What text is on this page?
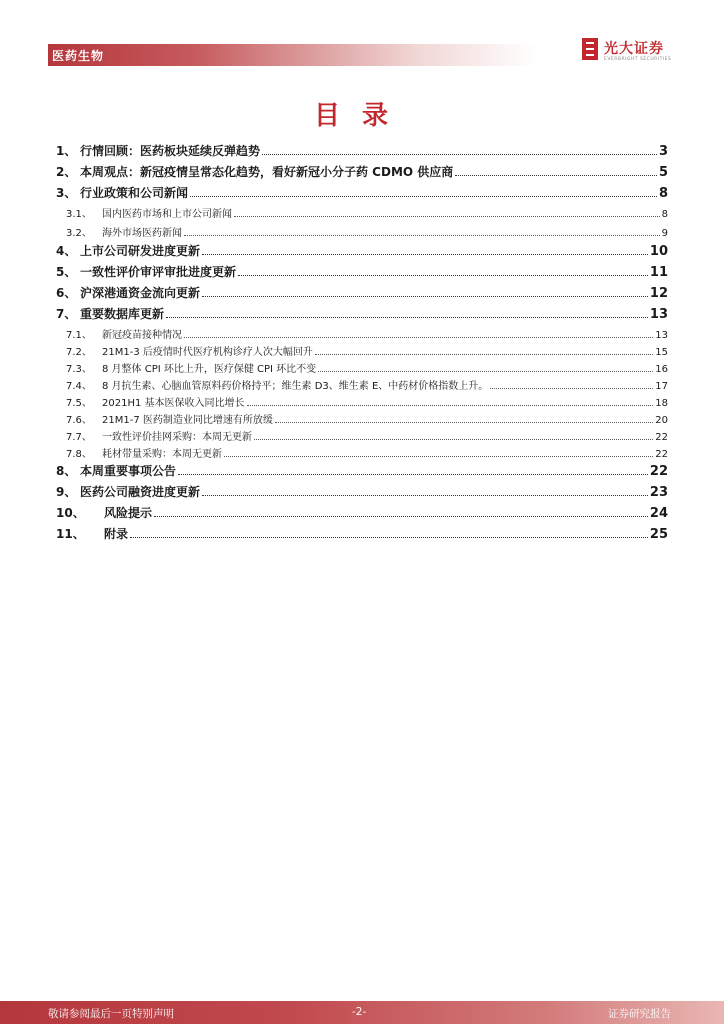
医药生物	光大证券
EVERBRIGHT SECURITIES
目录
1、 行情回顾：医药板块延续反弹趋势	3
2、 本周观点：新冠疫情呈常态化趋势，看好新冠小分子药 CDMO 供应商	5
3、 行业政策和公司新闻	8
3.1、 国内医药市场和上市公司新闻	8
3.2、 海外市场医药新闻	9
4、 上市公司研发进度更新	10
5、 一致性评价审评审批进度更新	11
6、 沪深港通资金流向更新	12
7、 重要数据库更新	13
7.1、 新冠疫苗接种情况	13
7.2、 21M1-3 后疫情时代医疗机构诊疗人次大幅回升	15
7.3、 8 月整体 CPI 环比上升，医疗保健 CPI 环比不变	16
7.4、 8 月抗生素、心脑血管原料药价格持平；维生素 D3、维生素 E、中药材价格指数上升。	17
7.5、 2021H1 基本医保收入同比增长	18
7.6、 21M1-7 医药制造业同比增速有所放缓	20
7.7、 一致性评价挂网采购：本周无更新	22
7.8、 耗材带量采购：本周无更新	22
8、 本周重要事项公告	22
9、 医药公司融资进度更新	23
10、 风险提示	24
11、 附录	25
敬请参阅最后一页特别声明	-2-	证券研究报告
